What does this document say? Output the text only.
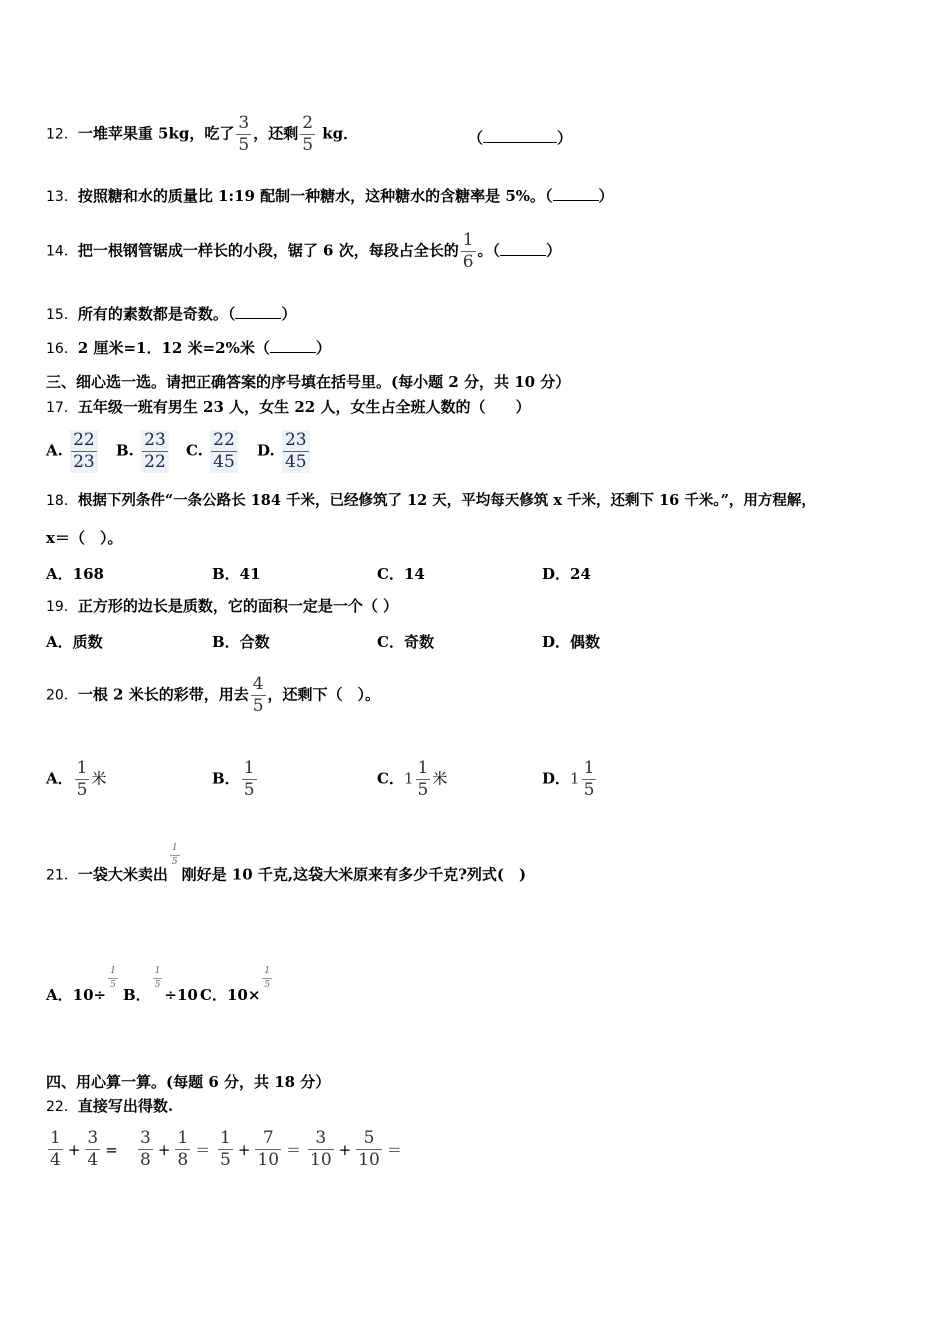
12．一堆苹果重 5kg，吃了 $\frac{3}{5}$ ，还剩 $\frac{2}{5}$ kg．	（	）
13．按照糖和水的质量比 1:19 配制一种糖水，这种糖水的含糖率是 5%。（	）
14．把一根钢管锯成一样长的小段，锯了 6 次，每段占全长的 $\frac{1}{6}$ 。（	）
15．所有的素数都是奇数。（	）
16．2 厘米=1．12 米=2%米（	）
三、细心选一选。请把正确答案的序号填在括号里。(每小题 2 分，共 10 分）
17．五年级一班有男生 23 人，女生 22 人，女生占全班人数的（　　）
A. $\frac{22}{23} B$. $\frac{23}{22} C$. $\frac{22}{45} D$. $\frac{23}{45}$
18．根据下列条件“一条公路长 184 千米，已经修筑了 12 天，平均每天修筑 x 千米，还剩下 16 千米。”，用方程解，
x＝（　）。
A．168	B．41	C．14	D．24
19．正方形的边长是质数，它的面积一定是一个（ ）
A．质数	B．合数	C．奇数	D．偶数
20．一根 2 米长的彩带，用去 $\frac{4}{5}$ ，还剩下（　）。
A． $\frac{1}{5}$ 米	B． $\frac{1}{5}$	C．$1 \frac{1}{5}$ 米	D．$1 \frac{1}{5}$
21．一袋大米卖出
$\frac{1}{5}$
刚好是 10 千克,这袋大米原来有多少千克?列式(　)
A．10÷
$\frac{1}{5}$
B．
$\frac{1}{5}$
÷10 C．10×
$\frac{1}{5}$
四、用心算一算。(每题 6 分，共 18 分）
22．直接写出得数.
$\frac{1}{4} + \frac{3}{4} = \frac{3}{8} + \frac{1}{8} = \frac{1}{5} + \frac{7}{10} = \frac{3}{10} + \frac{5}{10}$ ＝
